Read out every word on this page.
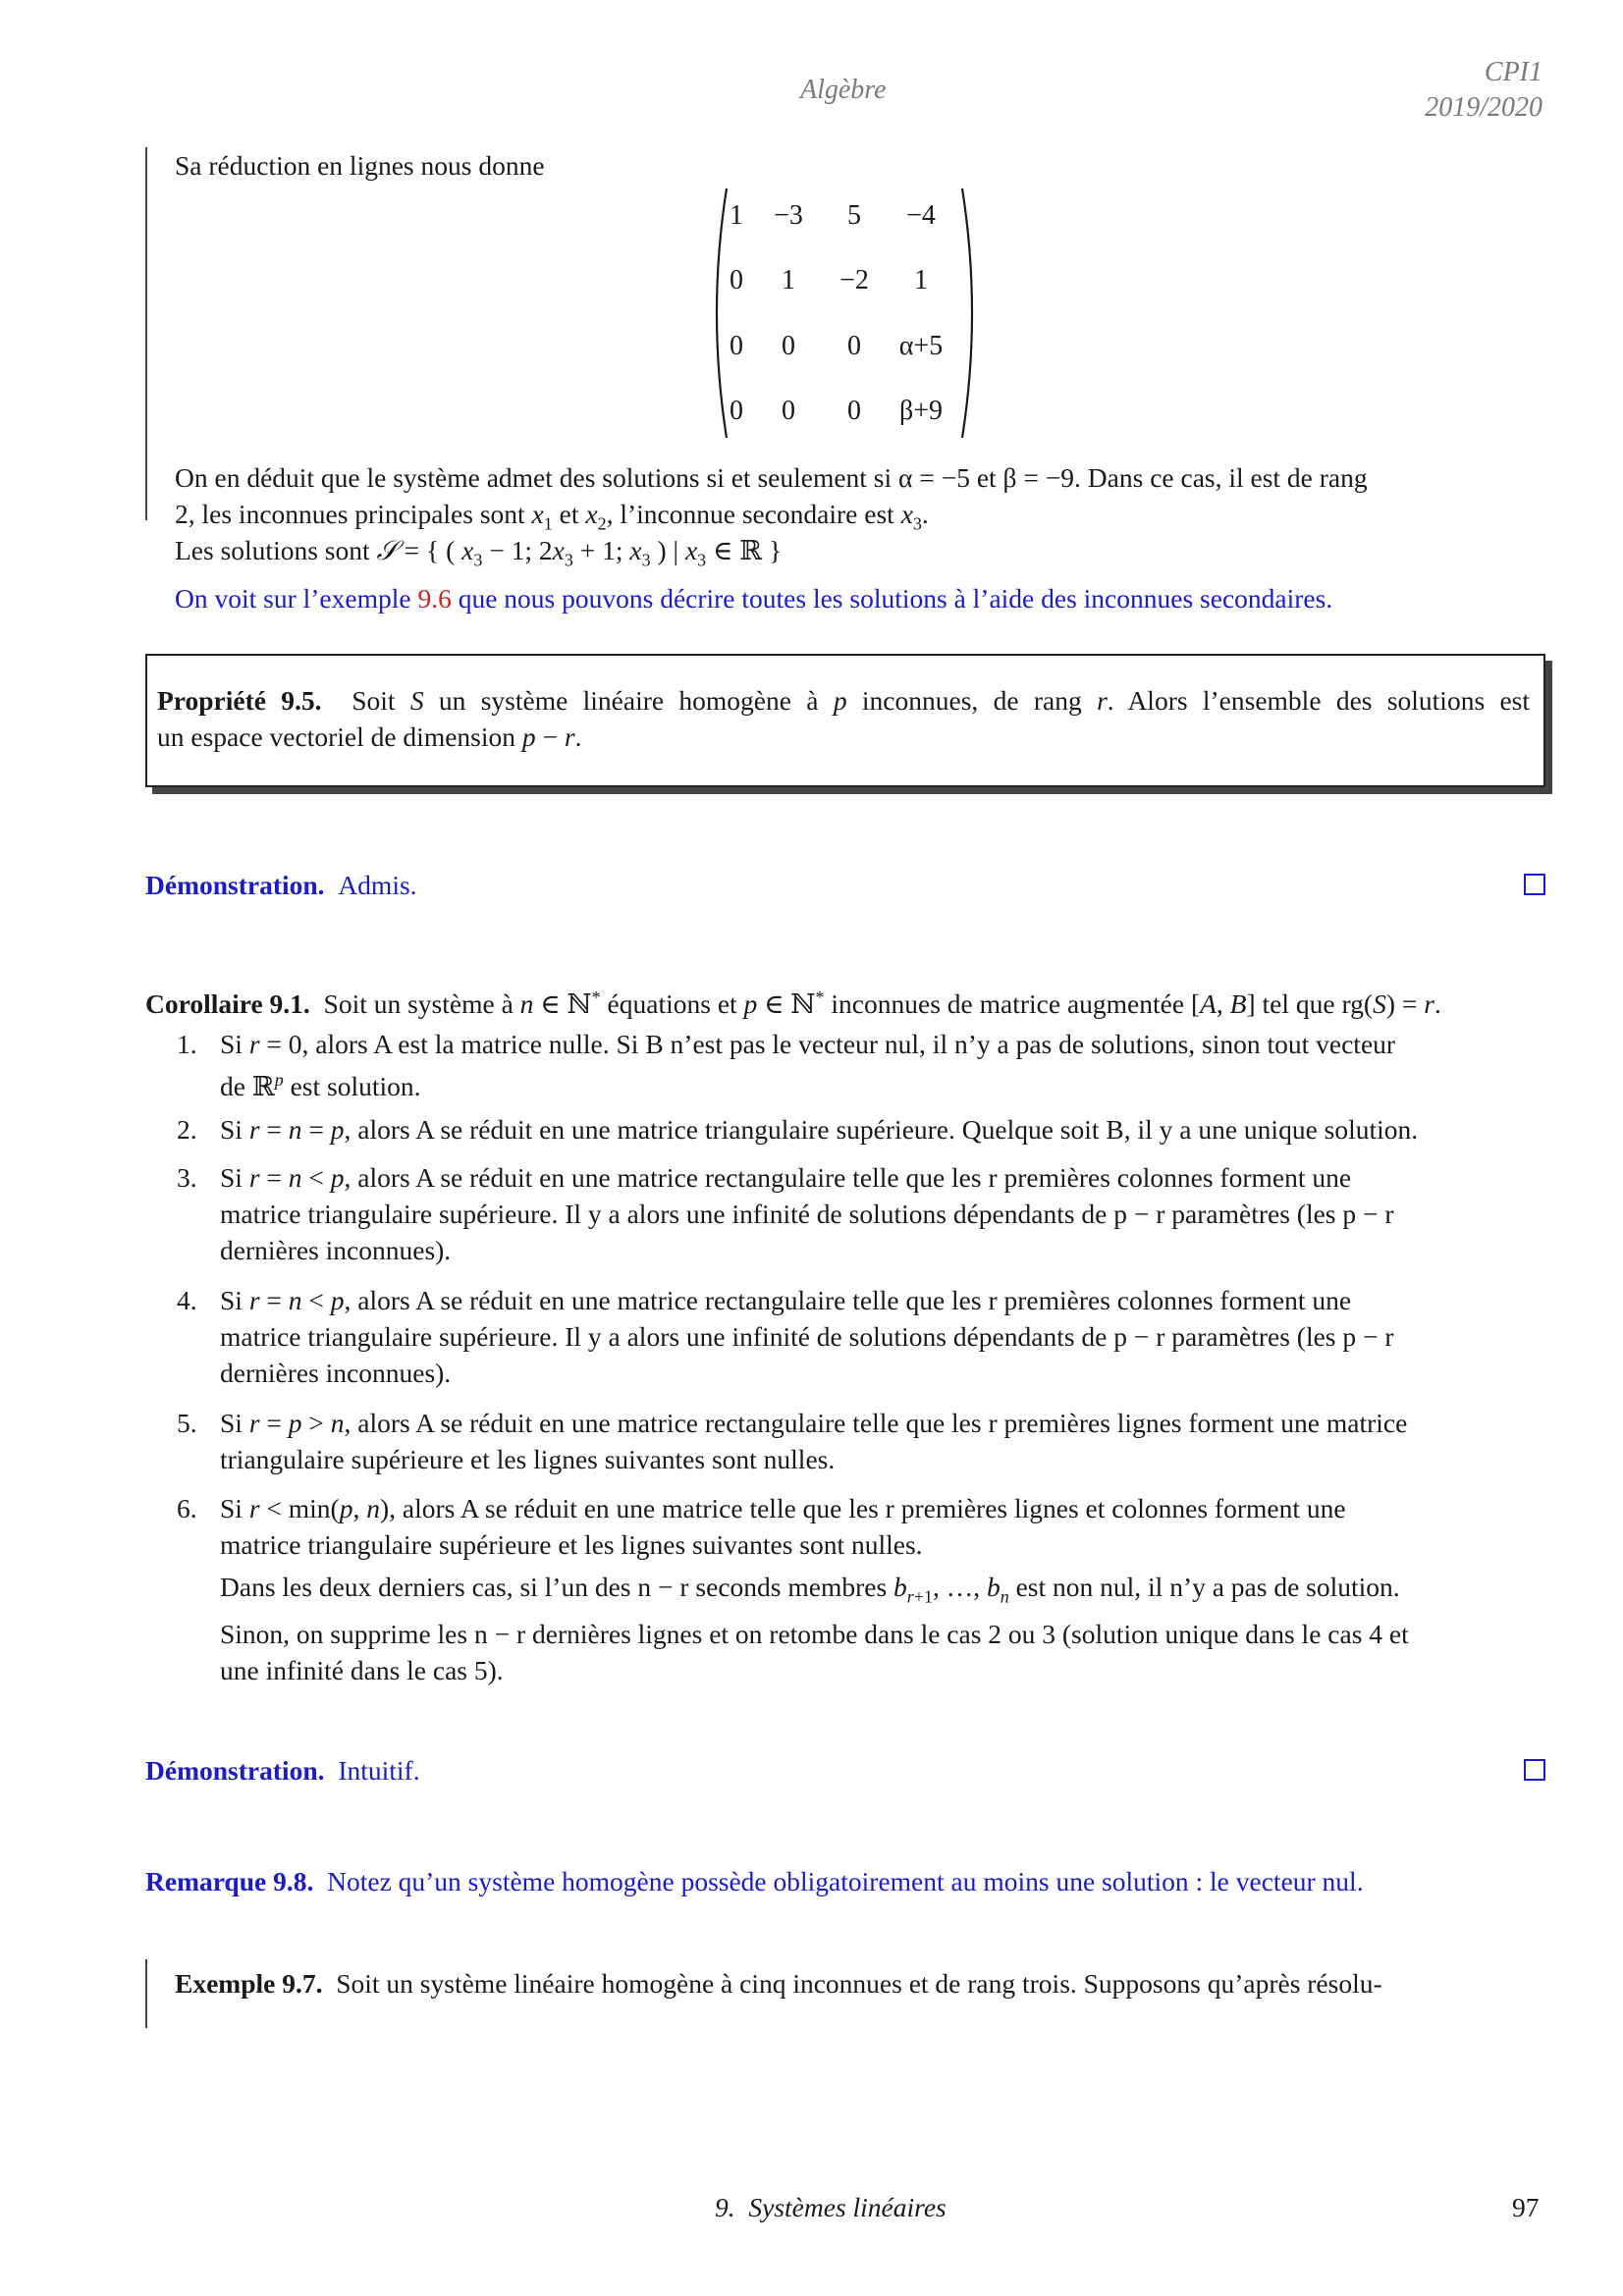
Algèbre
CPI1
2019/2020
Sa réduction en lignes nous donne
1	−3	5	−4
0	1	−2	1
0	0	0	α+5
0	0	0	β+9
On en déduit que le système admet des solutions si et seulement si α = −5 et β = −9. Dans ce cas, il est de rang
2, les inconnues principales sont $x_1$ et $x_2$, l’inconnue secondaire est $x_3$.
Les solutions sont 𝒮 = { ( $x_3 - 1$; $2x_3 + 1$; $x_3$ ) | $x_3$ ∈ ℝ }
On voit sur l’exemple 9.6 que nous pouvons décrire toutes les solutions à l’aide des inconnues secondaires.
Propriété 9.5. Soit S un système linéaire homogène à p inconnues, de rang r. Alors l’ensemble des solutions est
un espace vectoriel de dimension p − r.
Démonstration. Admis.
Corollaire 9.1. Soit un système à n ∈ ℕ* équations et p ∈ ℕ* inconnues de matrice augmentée [A, B] tel que rg(S) = r.
1. Si r = 0, alors A est la matrice nulle. Si B n’est pas le vecteur nul, il n’y a pas de solutions, sinon tout vecteur
de ℝ$^p$ est solution.
2. Si r = n = p, alors A se réduit en une matrice triangulaire supérieure. Quelque soit B, il y a une unique solution.
3. Si r = n < p, alors A se réduit en une matrice rectangulaire telle que les r premières colonnes forment une
matrice triangulaire supérieure. Il y a alors une infinité de solutions dépendants de p − r paramètres (les p − r
dernières inconnues).
4. Si r = n < p, alors A se réduit en une matrice rectangulaire telle que les r premières colonnes forment une
matrice triangulaire supérieure. Il y a alors une infinité de solutions dépendants de p − r paramètres (les p − r
dernières inconnues).
5. Si r = p > n, alors A se réduit en une matrice rectangulaire telle que les r premières lignes forment une matrice
triangulaire supérieure et les lignes suivantes sont nulles.
6. Si r < min(p, n), alors A se réduit en une matrice telle que les r premières lignes et colonnes forment une
matrice triangulaire supérieure et les lignes suivantes sont nulles.
Dans les deux derniers cas, si l’un des n − r seconds membres $b_{r+1}$, …, $b_n$ est non nul, il n’y a pas de solution.
Sinon, on supprime les n − r dernières lignes et on retombe dans le cas 2 ou 3 (solution unique dans le cas 4 et
une infinité dans le cas 5).
Démonstration. Intuitif.
Remarque 9.8. Notez qu’un système homogène possède obligatoirement au moins une solution : le vecteur nul.
Exemple 9.7. Soit un système linéaire homogène à cinq inconnues et de rang trois. Supposons qu’après résolu-
9.  Systèmes linéaires	97
